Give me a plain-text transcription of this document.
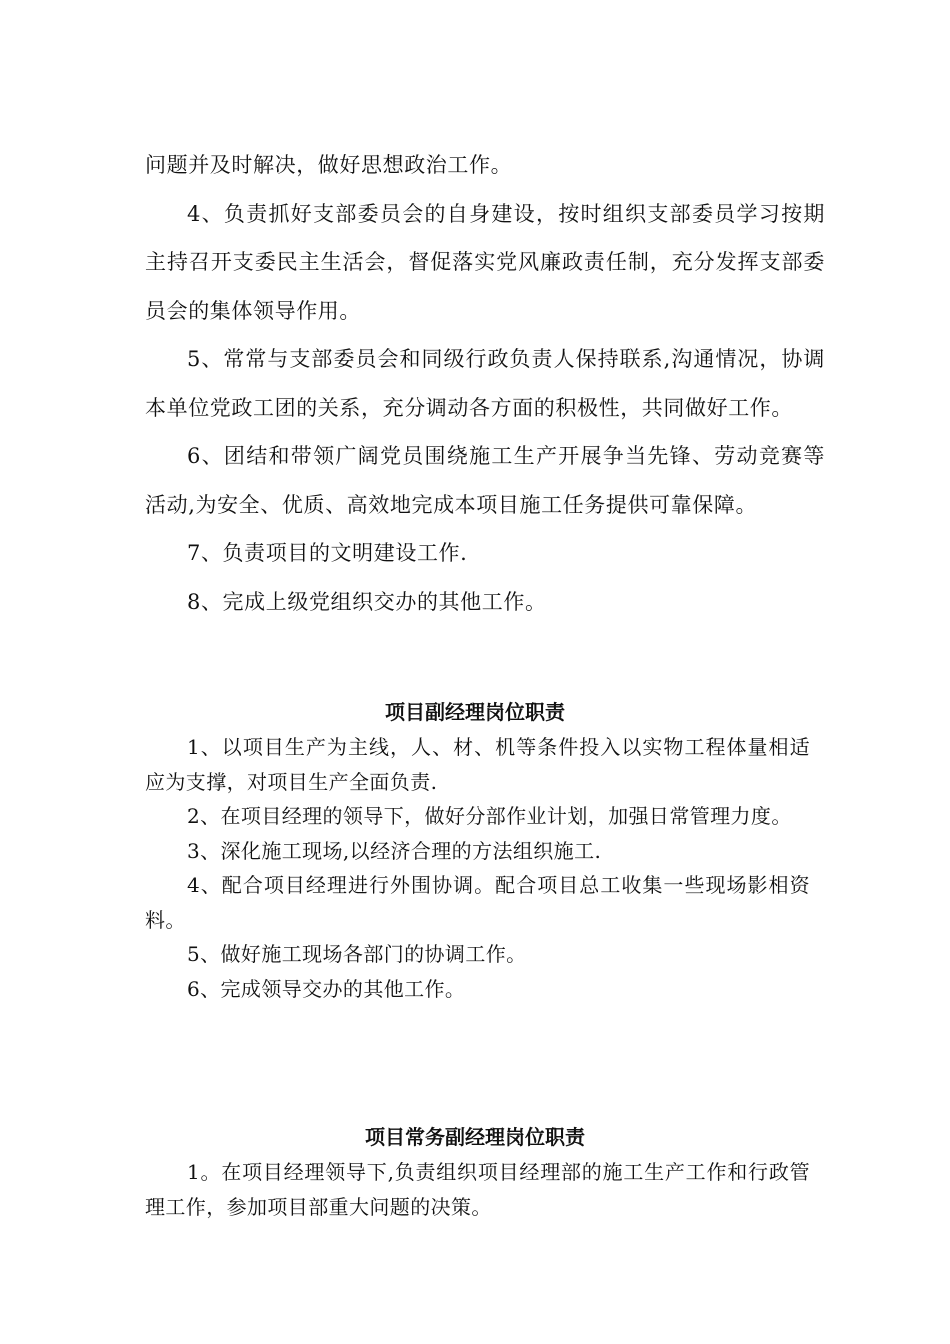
问题并及时解决，做好思想政治工作。

4、负责抓好支部委员会的自身建设，按时组织支部委员学习按期主持召开支委民主生活会，督促落实党风廉政责任制，充分发挥支部委员会的集体领导作用。

5、常常与支部委员会和同级行政负责人保持联系,沟通情况，协调本单位党政工团的关系，充分调动各方面的积极性，共同做好工作。

6、团结和带领广阔党员围绕施工生产开展争当先锋、劳动竞赛等活动,为安全、优质、高效地完成本项目施工任务提供可靠保障。

7、负责项目的文明建设工作.

8、完成上级党组织交办的其他工作。

项目副经理岗位职责

1、以项目生产为主线，人、材、机等条件投入以实物工程体量相适应为支撑，对项目生产全面负责.

2、在项目经理的领导下，做好分部作业计划，加强日常管理力度。

3、深化施工现场,以经济合理的方法组织施工.

4、配合项目经理进行外围协调。配合项目总工收集一些现场影相资料。

5、做好施工现场各部门的协调工作。

6、完成领导交办的其他工作。

项目常务副经理岗位职责

1。在项目经理领导下,负责组织项目经理部的施工生产工作和行政管理工作，参加项目部重大问题的决策。
